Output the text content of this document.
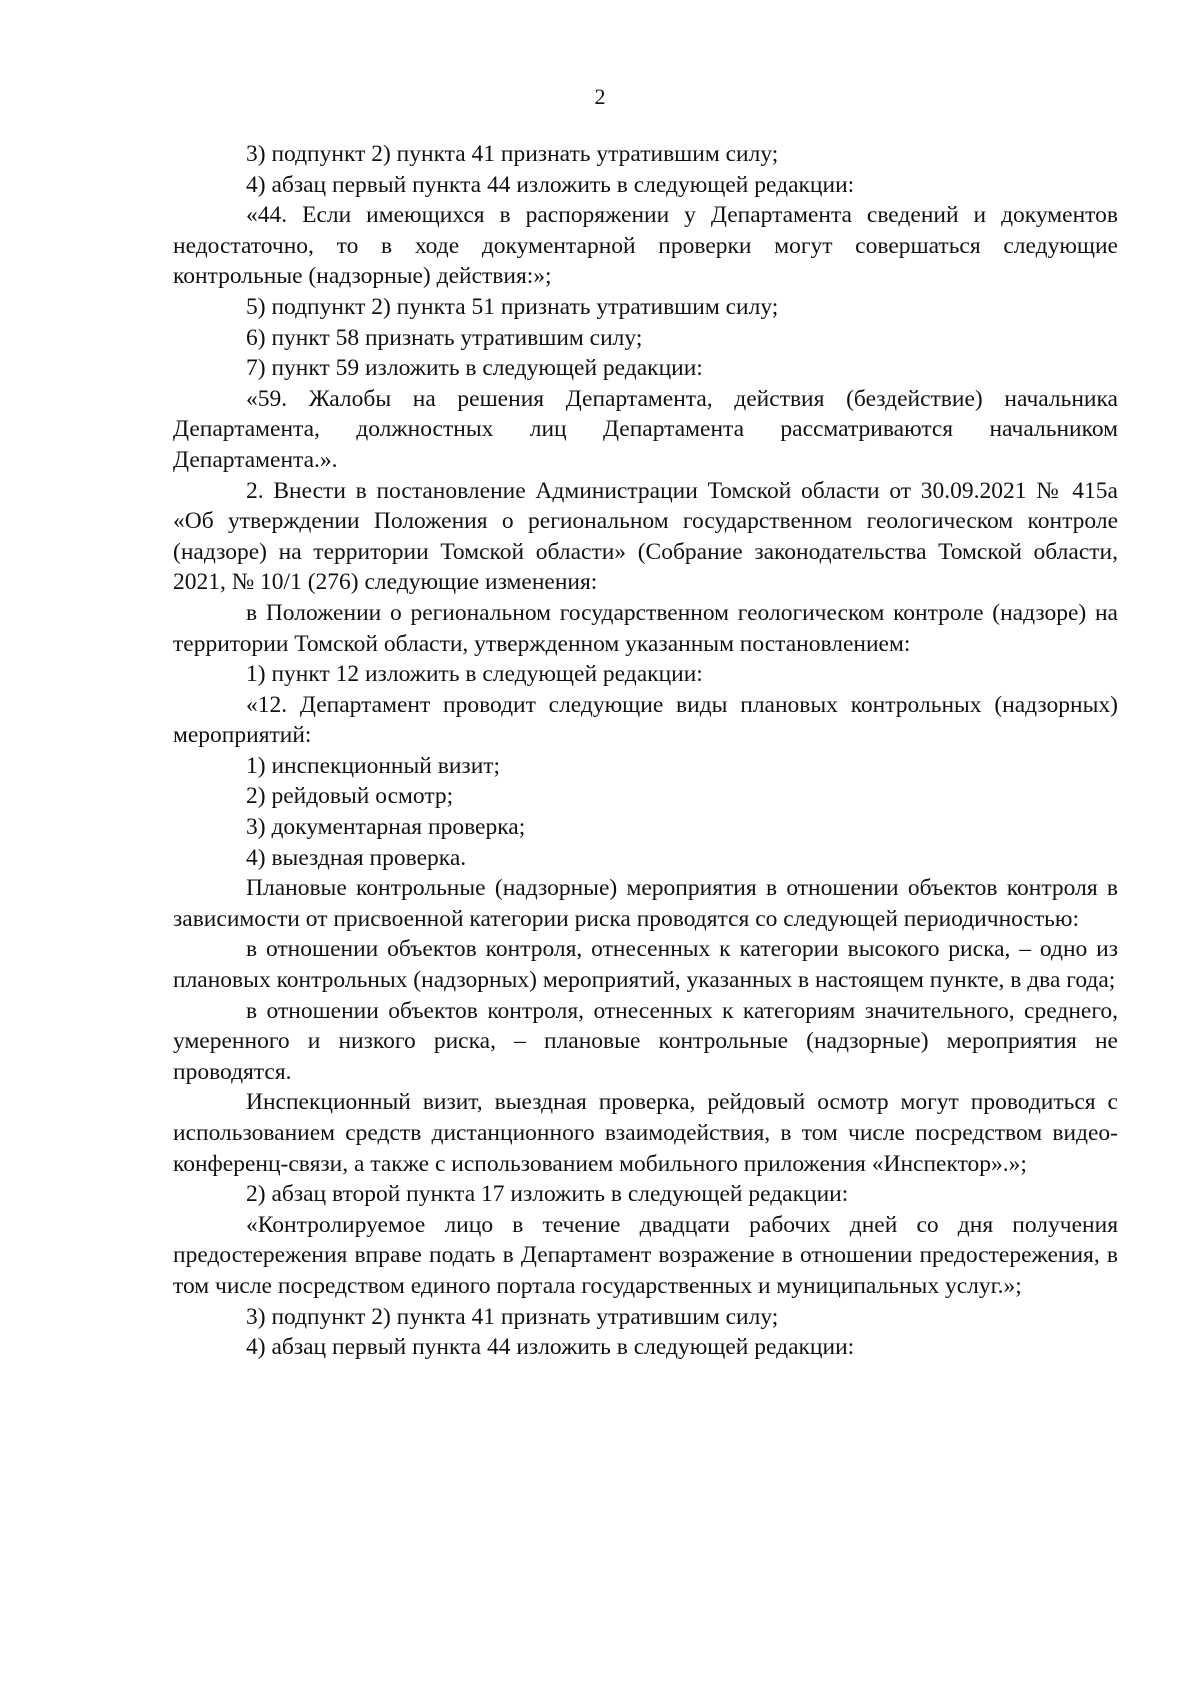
2

3) подпункт 2) пункта 41 признать утратившим силу;

4) абзац первый пункта 44 изложить в следующей редакции:

«44. Если имеющихся в распоряжении у Департамента сведений и документов недостаточно, то в ходе документарной проверки могут совершаться следующие контрольные (надзорные) действия:»;

5) подпункт 2) пункта 51 признать утратившим силу;

6) пункт 58 признать утратившим силу;

7) пункт 59 изложить в следующей редакции:

«59. Жалобы на решения Департамента, действия (бездействие) начальника Департамента, должностных лиц Департамента рассматриваются начальником Департамента.».

2. Внести в постановление Администрации Томской области от 30.09.2021 № 415а «Об утверждении Положения о региональном государственном геологическом контроле (надзоре) на территории Томской области» (Собрание законодательства Томской области, 2021, № 10/1 (276) следующие изменения:

в Положении о региональном государственном геологическом контроле (надзоре) на территории Томской области, утвержденном указанным постановлением:

1) пункт 12 изложить в следующей редакции:

«12. Департамент проводит следующие виды плановых контрольных (надзорных) мероприятий:

1) инспекционный визит;

2) рейдовый осмотр;

3) документарная проверка;

4) выездная проверка.

Плановые контрольные (надзорные) мероприятия в отношении объектов контроля в зависимости от присвоенной категории риска проводятся со следующей периодичностью:

в отношении объектов контроля, отнесенных к категории высокого риска, – одно из плановых контрольных (надзорных) мероприятий, указанных в настоящем пункте, в два года;

в отношении объектов контроля, отнесенных к категориям значительного, среднего, умеренного и низкого риска, – плановые контрольные (надзорные) мероприятия не проводятся.

Инспекционный визит, выездная проверка, рейдовый осмотр могут проводиться с использованием средств дистанционного взаимодействия, в том числе посредством видео-конференц-связи, а также с использованием мобильного приложения «Инспектор».»;

2) абзац второй пункта 17 изложить в следующей редакции:

«Контролируемое лицо в течение двадцати рабочих дней со дня получения предостережения вправе подать в Департамент возражение в отношении предостережения, в том числе посредством единого портала государственных и муниципальных услуг.»;

3) подпункт 2) пункта 41 признать утратившим силу;

4) абзац первый пункта 44 изложить в следующей редакции:
